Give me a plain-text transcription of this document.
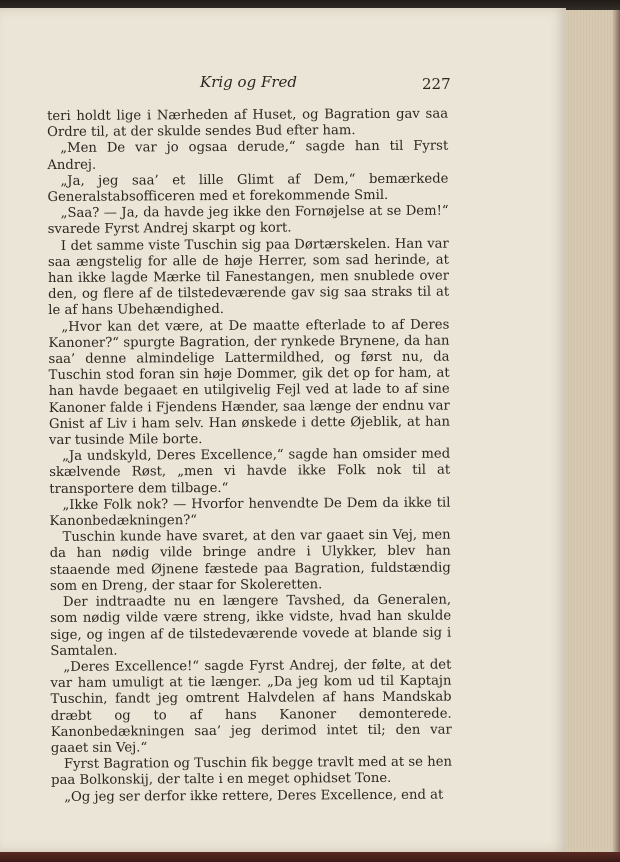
Krig og Fred	227

teri holdt lige i Nærheden af Huset, og Bagration gav saa Ordre til, at der skulde sendes Bud efter ham.

„Men De var jo ogsaa derude,“ sagde han til Fyrst Andrej.

„Ja, jeg saa’ et lille Glimt af Dem,“ bemærkede Generalstabsofficeren med et forekommende Smil.

„Saa? — Ja, da havde jeg ikke den Fornøjelse at se Dem!“ svarede Fyrst Andrej skarpt og kort.

I det samme viste Tuschin sig paa Dørtærskelen. Han var saa ængstelig for alle de høje Herrer, som sad herinde, at han ikke lagde Mærke til Fanestangen, men snublede over den, og flere af de tilstedeværende gav sig saa straks til at le af hans Ubehændighed.

„Hvor kan det være, at De maatte efterlade to af Deres Kanoner?“ spurgte Bagration, der rynkede Brynene, da han saa’ denne almindelige Lattermildhed, og først nu, da Tuschin stod foran sin høje Dommer, gik det op for ham, at han havde begaaet en utilgivelig Fejl ved at lade to af sine Kanoner falde i Fjendens Hænder, saa længe der endnu var Gnist af Liv i ham selv. Han ønskede i dette Øjeblik, at han var tusinde Mile borte.

„Ja undskyld, Deres Excellence,“ sagde han omsider med skælvende Røst, „men vi havde ikke Folk nok til at transportere dem tilbage.“

„Ikke Folk nok? — Hvorfor henvendte De Dem da ikke til Kanonbedækningen?“

Tuschin kunde have svaret, at den var gaaet sin Vej, men da han nødig vilde bringe andre i Ulykker, blev han staaende med Øjnene fæstede paa Bagration, fuldstændig som en Dreng, der staar for Skoleretten.

Der indtraadte nu en længere Tavshed, da Generalen, som nødig vilde være streng, ikke vidste, hvad han skulde sige, og ingen af de tilstedeværende vovede at blande sig i Samtalen.

„Deres Excellence!“ sagde Fyrst Andrej, der følte, at det var ham umuligt at tie længer. „Da jeg kom ud til Kaptajn Tuschin, fandt jeg omtrent Halvdelen af hans Mandskab dræbt og to af hans Kanoner demonterede. Kanonbedækningen saa’ jeg derimod intet til; den var gaaet sin Vej.“

Fyrst Bagration og Tuschin fik begge travlt med at se hen paa Bolkonskij, der talte i en meget ophidset Tone.

„Og jeg ser derfor ikke rettere, Deres Excellence, end at
